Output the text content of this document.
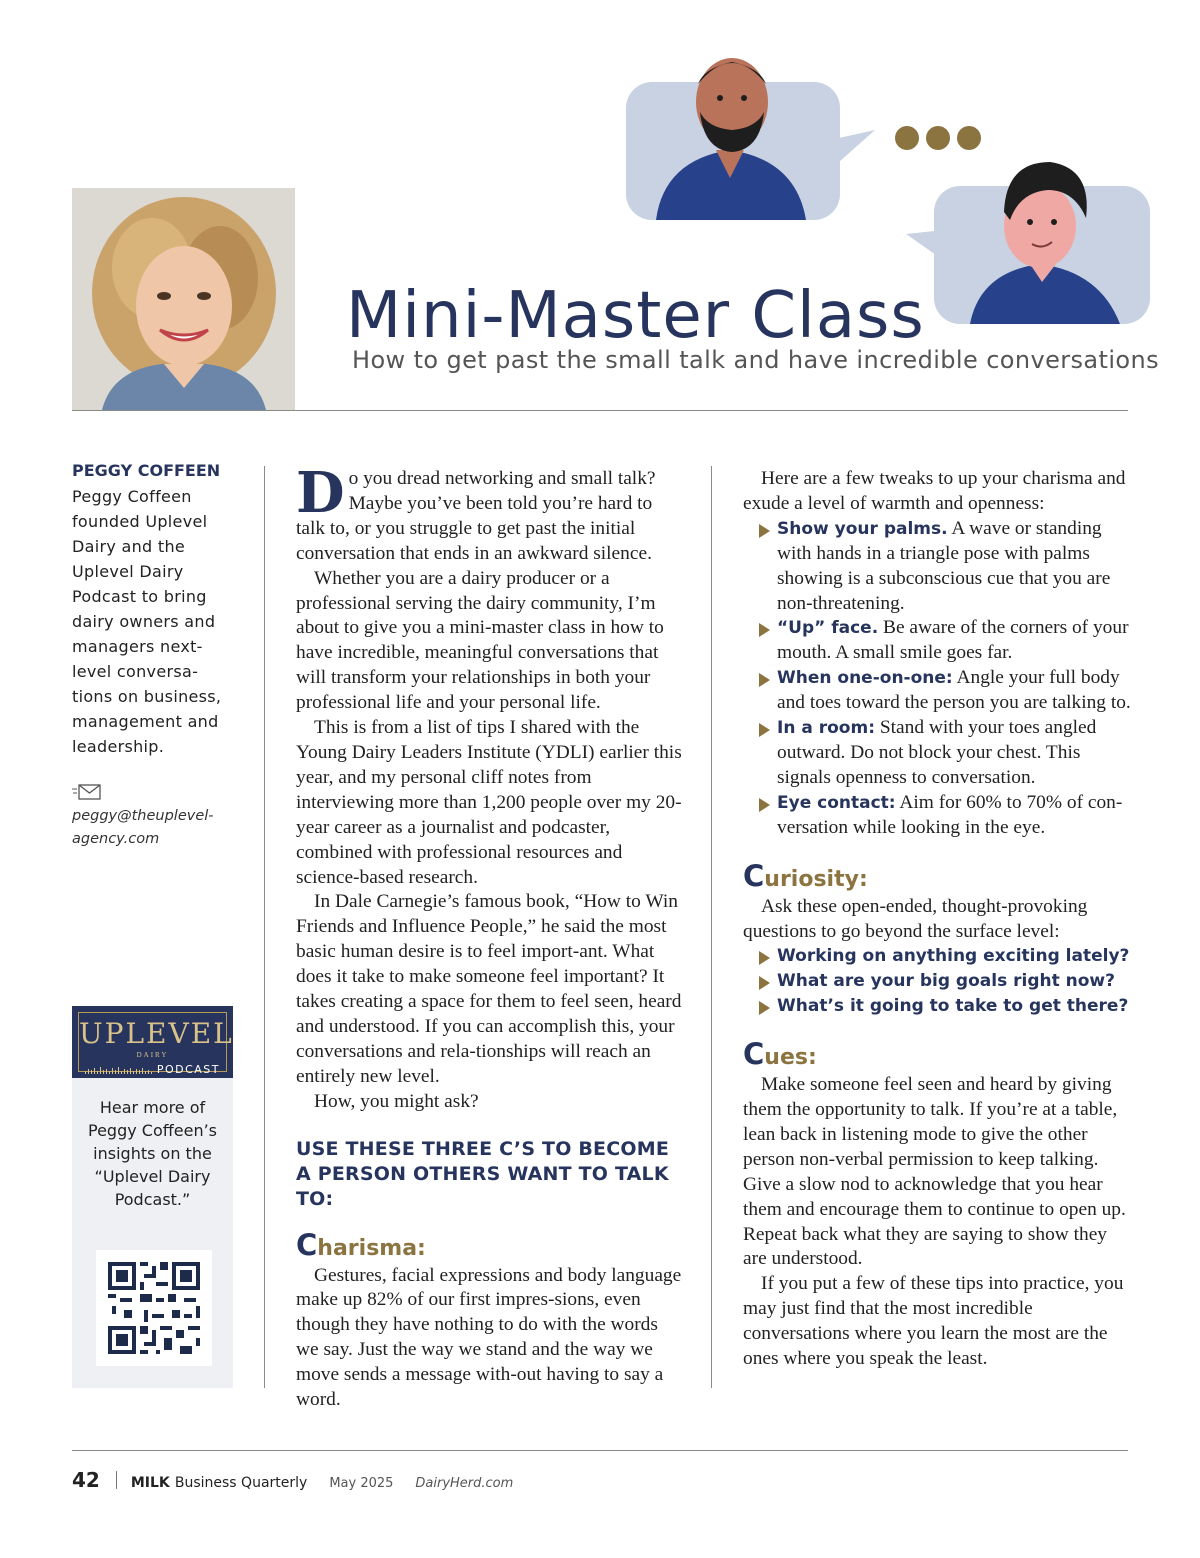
Mini-Master Class
How to get past the small talk and have incredible conversations

PEGGY COFFEEN

Peggy Coffeen founded Uplevel Dairy and the Uplevel Dairy Podcast to bring dairy owners and managers next-level conversa-tions on business, management and leadership.

peggy@theuplevel-agency.com
UPLEVEL
DAIRY
PODCAST
Hear more of Peggy Coffeen’s insights on the “Uplevel Dairy Podcast.”

Do you dread networking and small talk? Maybe you’ve been told you’re hard to talk to, or you struggle to get past the initial conversation that ends in an awkward silence.

Whether you are a dairy producer or a professional serving the dairy community, I’m about to give you a mini-master class in how to have incredible, meaningful conversations that will transform your relationships in both your professional life and your personal life.

This is from a list of tips I shared with the Young Dairy Leaders Institute (YDLI) earlier this year, and my personal cliff notes from interviewing more than 1,200 people over my 20-year career as a journalist and podcaster, combined with professional resources and science-based research.

In Dale Carnegie’s famous book, “How to Win Friends and Influence People,” he said the most basic human desire is to feel import-ant. What does it take to make someone feel important? It takes creating a space for them to feel seen, heard and understood. If you can accomplish this, your conversations and rela-tionships will reach an entirely new level.

How, you might ask?

USE THESE THREE C’S TO BECOME A PERSON OTHERS WANT TO TALK TO:
Charisma:

Gestures, facial expressions and body language make up 82% of our first impres-sions, even though they have nothing to do with the words we say. Just the way we stand and the way we move sends a message with-out having to say a word.

Here are a few tweaks to up your charisma and exude a level of warmth and openness:

Show your palms. A wave or standing with hands in a triangle pose with palms showing is a subconscious cue that you are non-threatening.
“Up” face. Be aware of the corners of your mouth. A small smile goes far.
When one-on-one: Angle your full body and toes toward the person you are talking to.
In a room: Stand with your toes angled outward. Do not block your chest. This signals openness to conversation.
Eye contact: Aim for 60% to 70% of con-versation while looking in the eye.
Curiosity:

Ask these open-ended, thought-provoking questions to go beyond the surface level:

Working on anything exciting lately?
What are your big goals right now?
What’s it going to take to get there?
Cues:

Make someone feel seen and heard by giving them the opportunity to talk. If you’re at a table, lean back in listening mode to give the other person non-verbal permission to keep talking. Give a slow nod to acknowledge that you hear them and encourage them to continue to open up. Repeat back what they are saying to show they are understood.

If you put a few of these tips into practice, you may just find that the most incredible conversations where you learn the most are the ones where you speak the least.

42 MILK Business Quarterly May 2025 DairyHerd.com
